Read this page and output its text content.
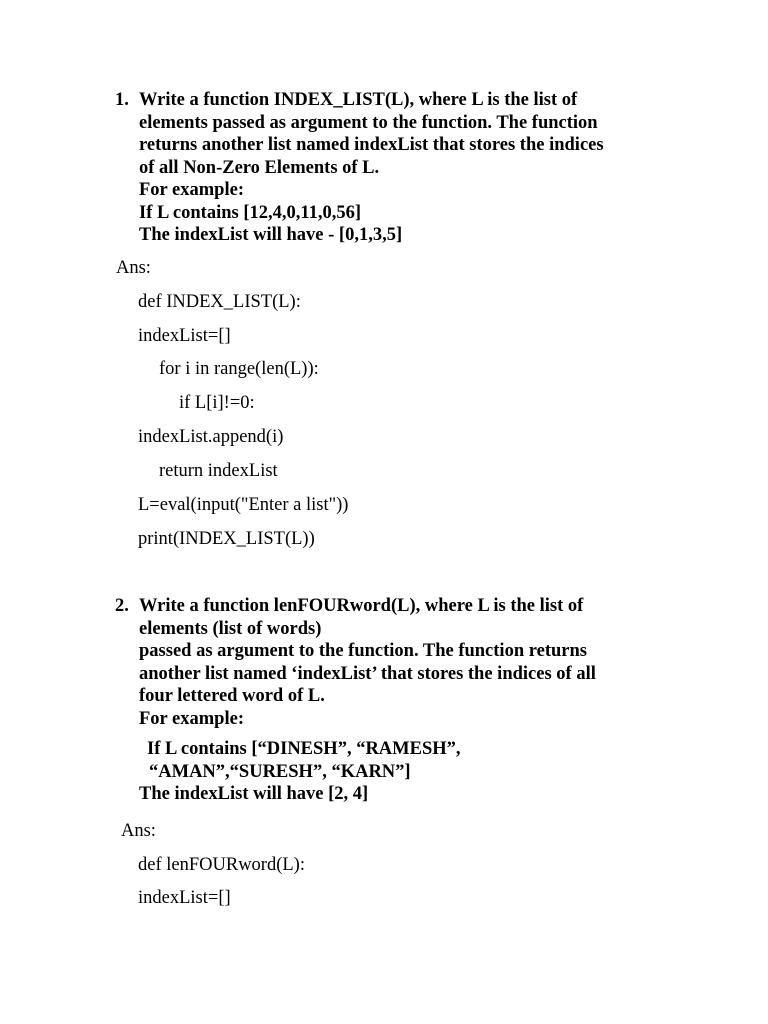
1. Write a function INDEX_LIST(L), where L is the list of
elements passed as argument to the function. The function
returns another list named indexList that stores the indices
of all Non-Zero Elements of L.
For example:
If L contains [12,4,0,11,0,56]
The indexList will have - [0,1,3,5]
Ans:
def INDEX_LIST(L):
indexList=[]
for i in range(len(L)):
if L[i]!=0:
indexList.append(i)
return indexList
L=eval(input("Enter a list"))
print(INDEX_LIST(L))
2. Write a function lenFOURword(L), where L is the list of
elements (list of words)
passed as argument to the function. The function returns
another list named ‘indexList’ that stores the indices of all
four lettered word of L.
For example:
If L contains [“DINESH”, “RAMESH”,
“AMAN”,“SURESH”, “KARN”]
The indexList will have [2, 4]
Ans:
def lenFOURword(L):
indexList=[]
